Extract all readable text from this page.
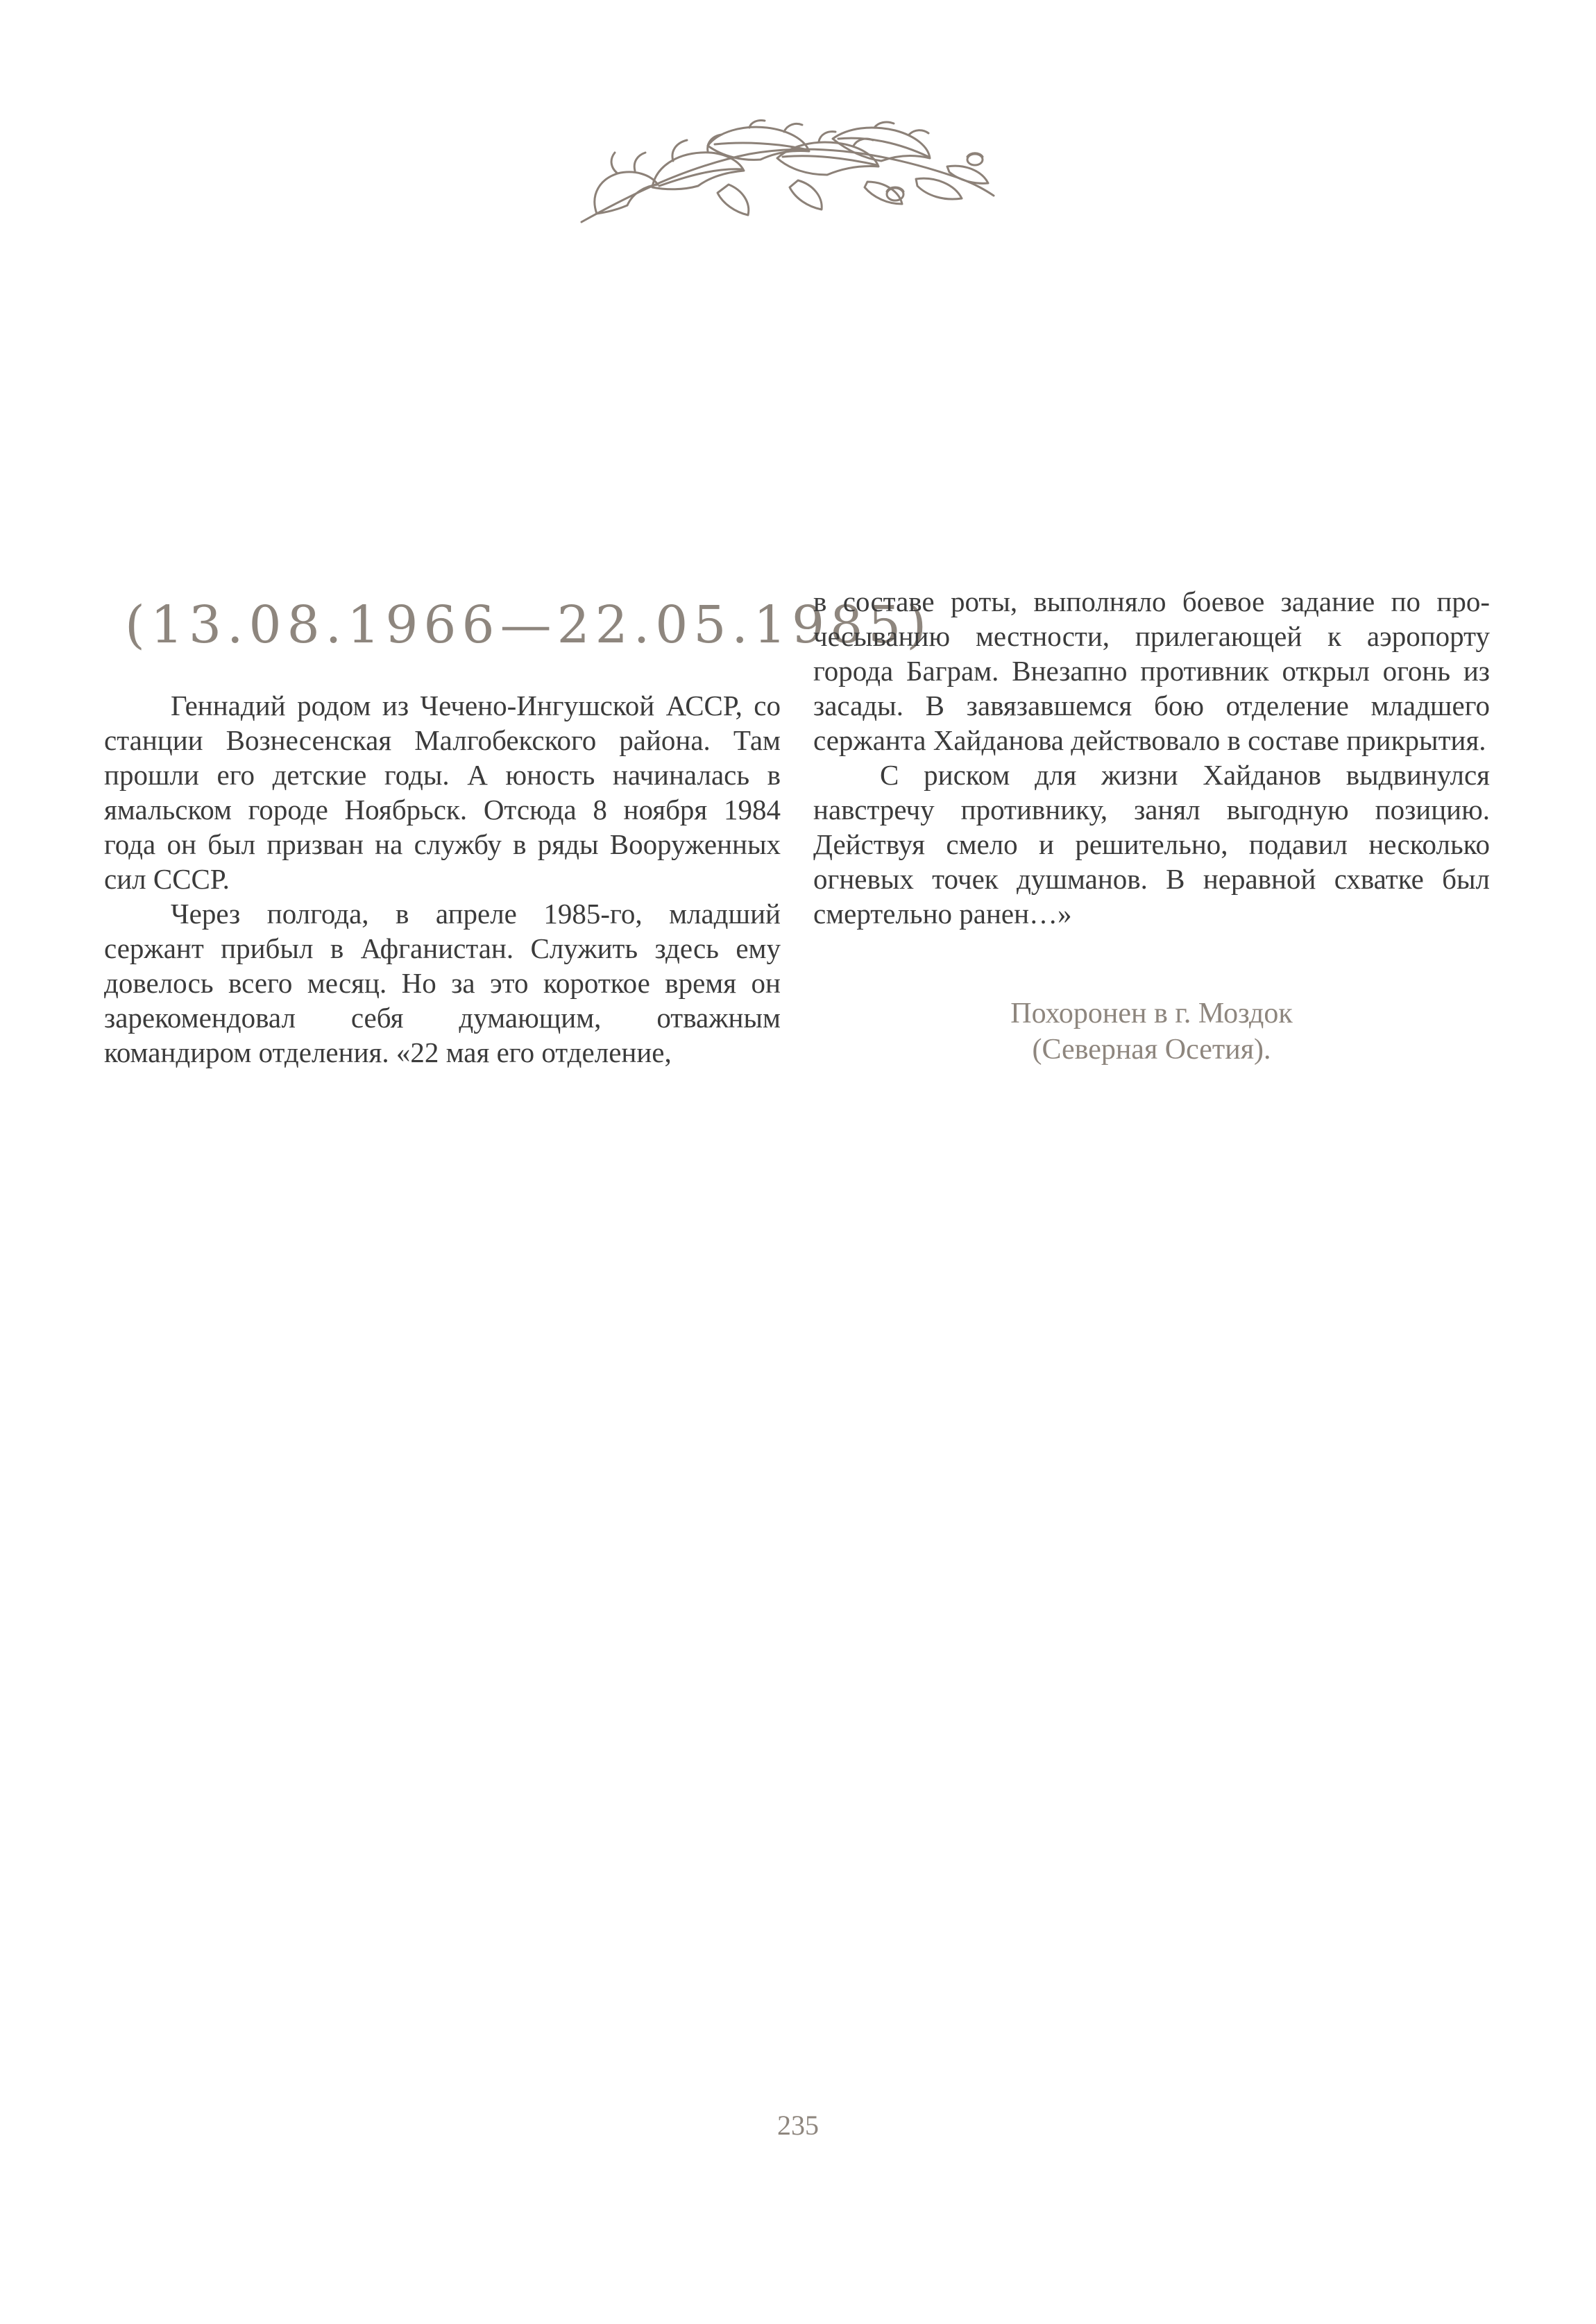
(13.08.1966—22.05.1985)

Геннадий родом из Чечено-Ингушской АССР, со станции Вознесенская Малгобекского района. Там прошли его детские годы. А юность начиналась в ямальском городе Ноябрьск. Отсюда 8 ноября 1984 года он был призван на службу в ряды Вооруженных сил СССР.

Через полгода, в апреле 1985-го, младший сержант прибыл в Афганистан. Служить здесь ему довелось всего месяц. Но за это короткое время он зарекомендовал себя думающим, отважным командиром отделения. «22 мая его отделение,

в составе роты, выполняло боевое задание по прочесыванию местности, прилегающей к аэропорту города Баграм. Внезапно противник открыл огонь из засады. В завязавшемся бою отделение младшего сержанта Хайданова действовало в составе прикрытия.

С риском для жизни Хайданов выдвинулся навстречу противнику, занял выгодную позицию. Действуя смело и решительно, подавил несколько огневых точек душманов. В неравной схватке был смертельно ранен…»

Похоронен в г. Моздок
(Северная Осетия).
235
